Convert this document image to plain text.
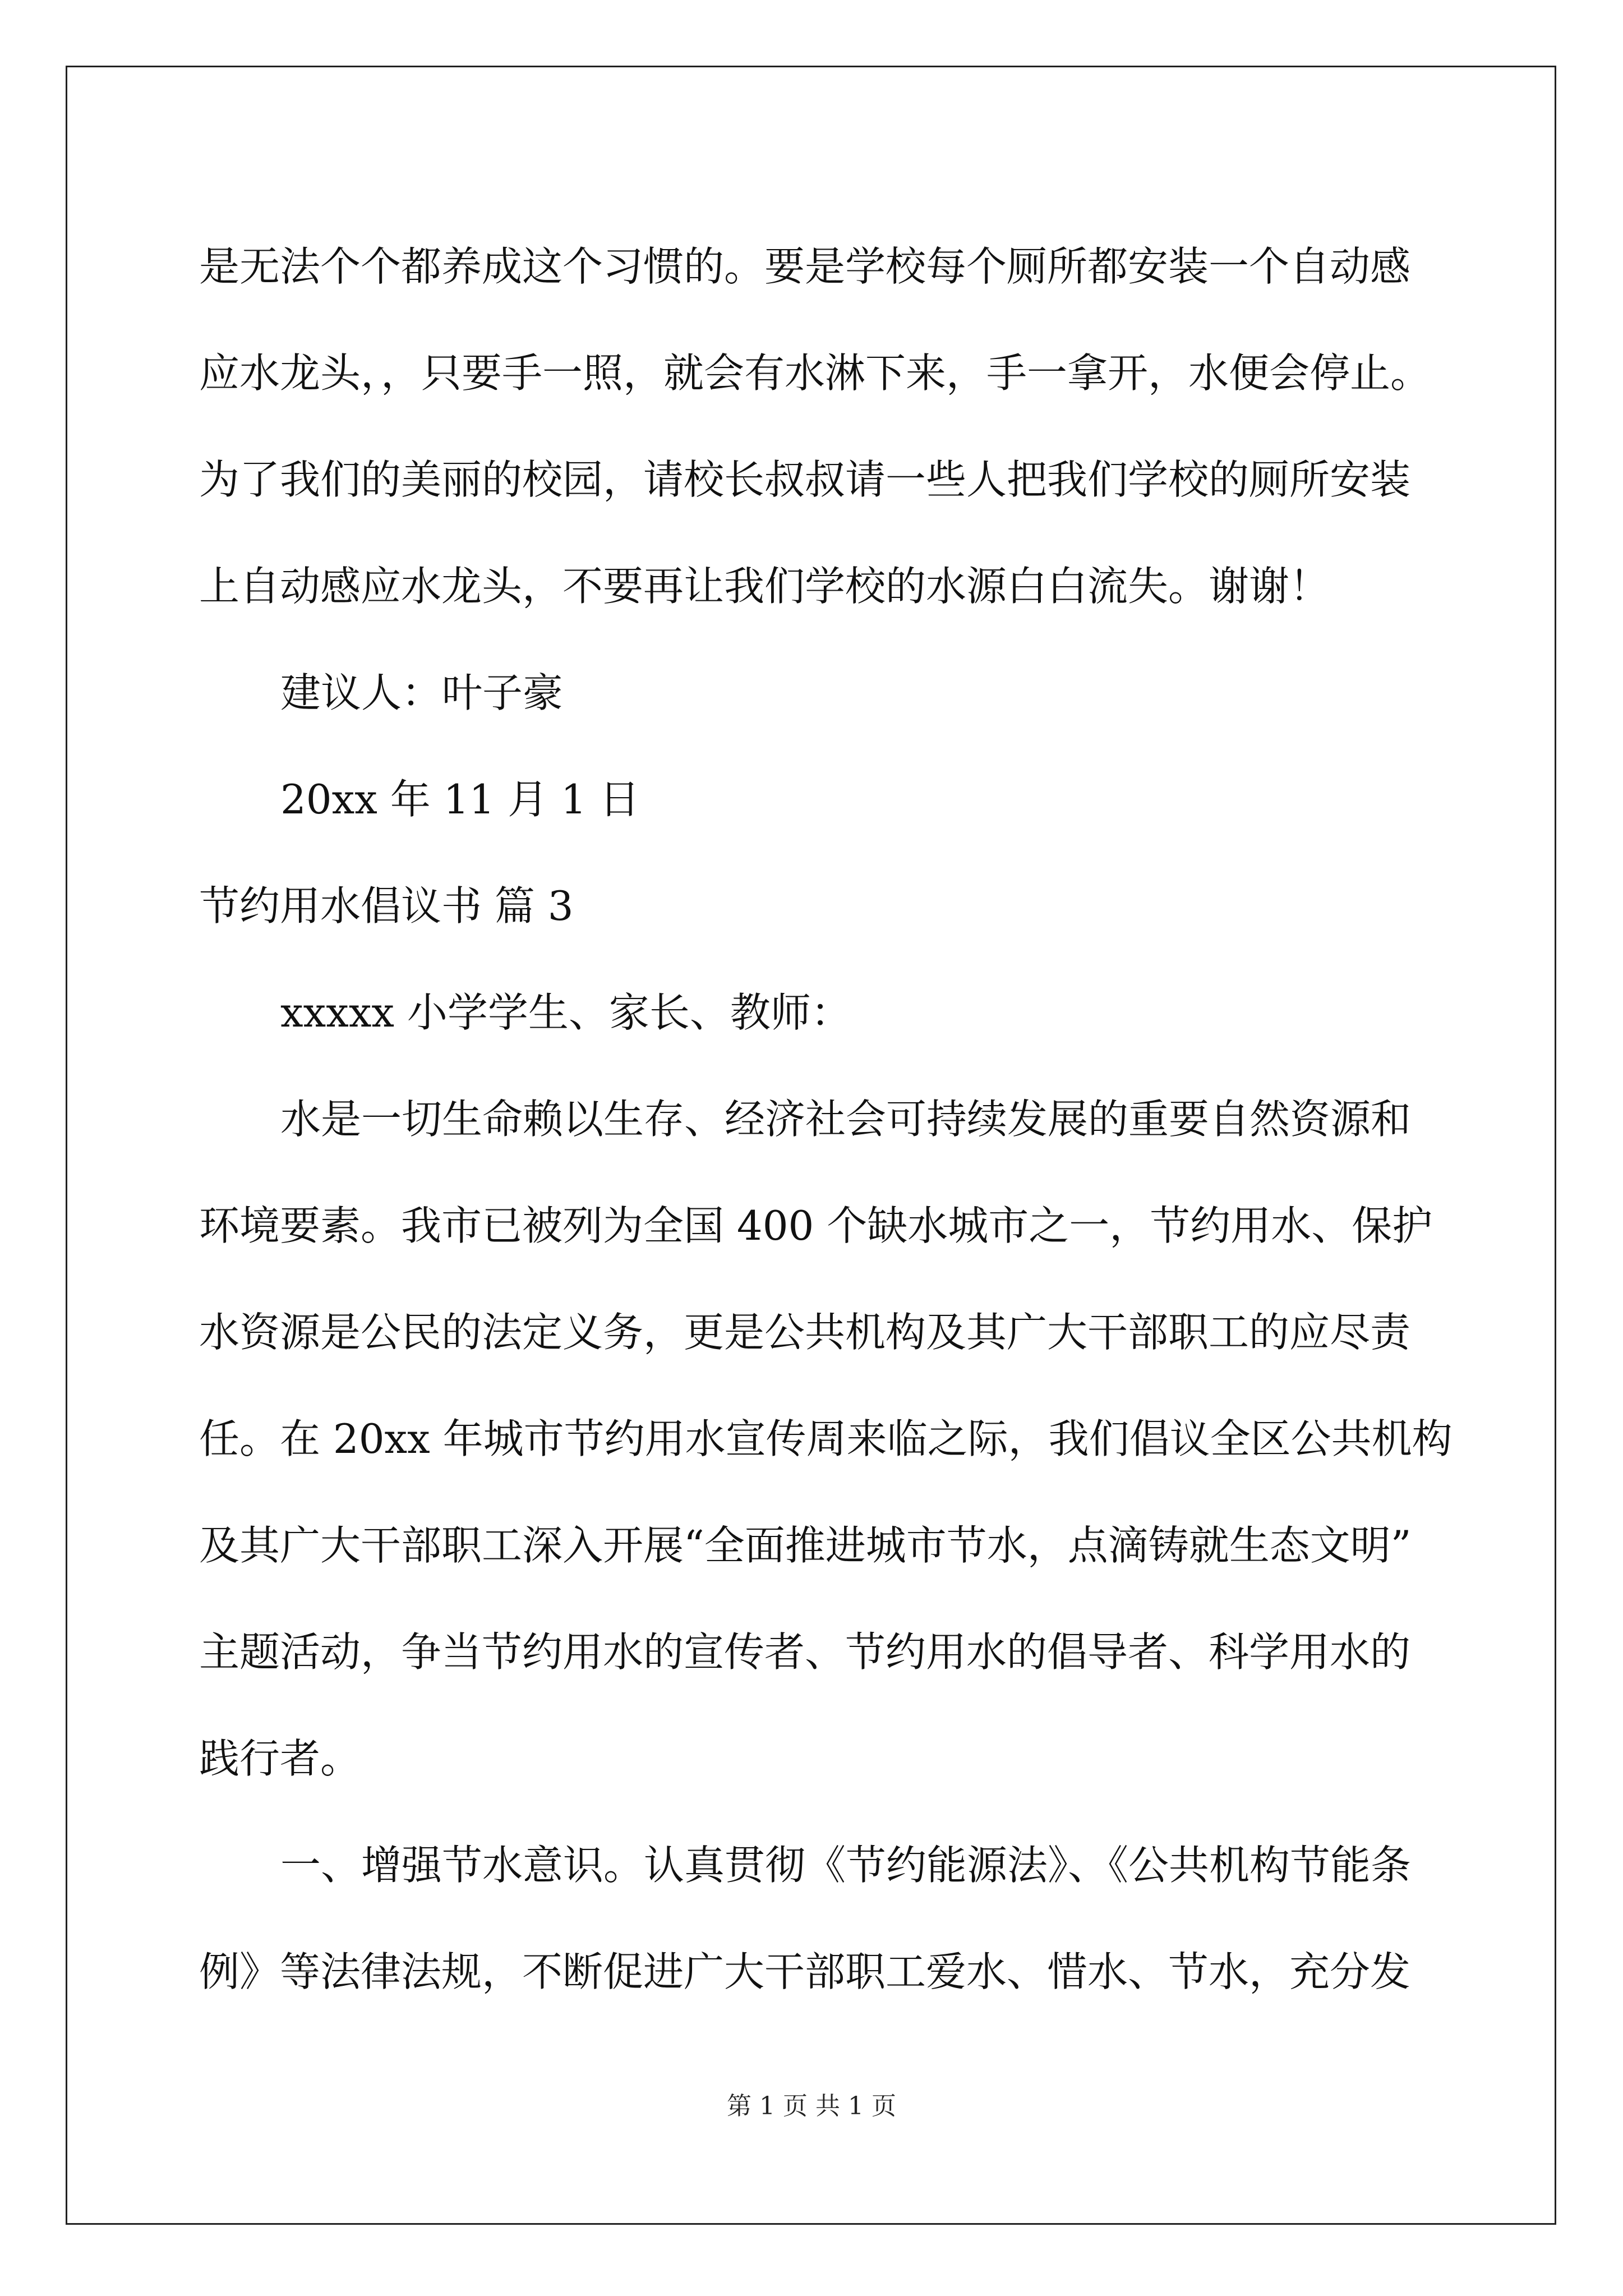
是无法个个都养成这个习惯的。要是学校每个厕所都安装一个自动感
应水龙头，，只要手一照，就会有水淋下来，手一拿开，水便会停止。
为了我们的美丽的校园，请校长叔叔请一些人把我们学校的厕所安装
上自动感应水龙头，不要再让我们学校的水源白白流失。谢谢！
建议人：叶子豪
20xx 年 11 月 1 日
节约用水倡议书 篇 3
xxxxx 小学学生、家长、教师：
水是一切生命赖以生存、经济社会可持续发展的重要自然资源和
环境要素。我市已被列为全国 400 个缺水城市之一，节约用水、保护
水资源是公民的法定义务，更是公共机构及其广大干部职工的应尽责
任。在 20xx 年城市节约用水宣传周来临之际，我们倡议全区公共机构
及其广大干部职工深入开展“全面推进城市节水，点滴铸就生态文明”
主题活动，争当节约用水的宣传者、节约用水的倡导者、科学用水的
践行者。
一、增强节水意识。认真贯彻《节约能源法》、《公共机构节能条
例》等法律法规，不断促进广大干部职工爱水、惜水、节水，充分发
第 1 页 共 1 页
